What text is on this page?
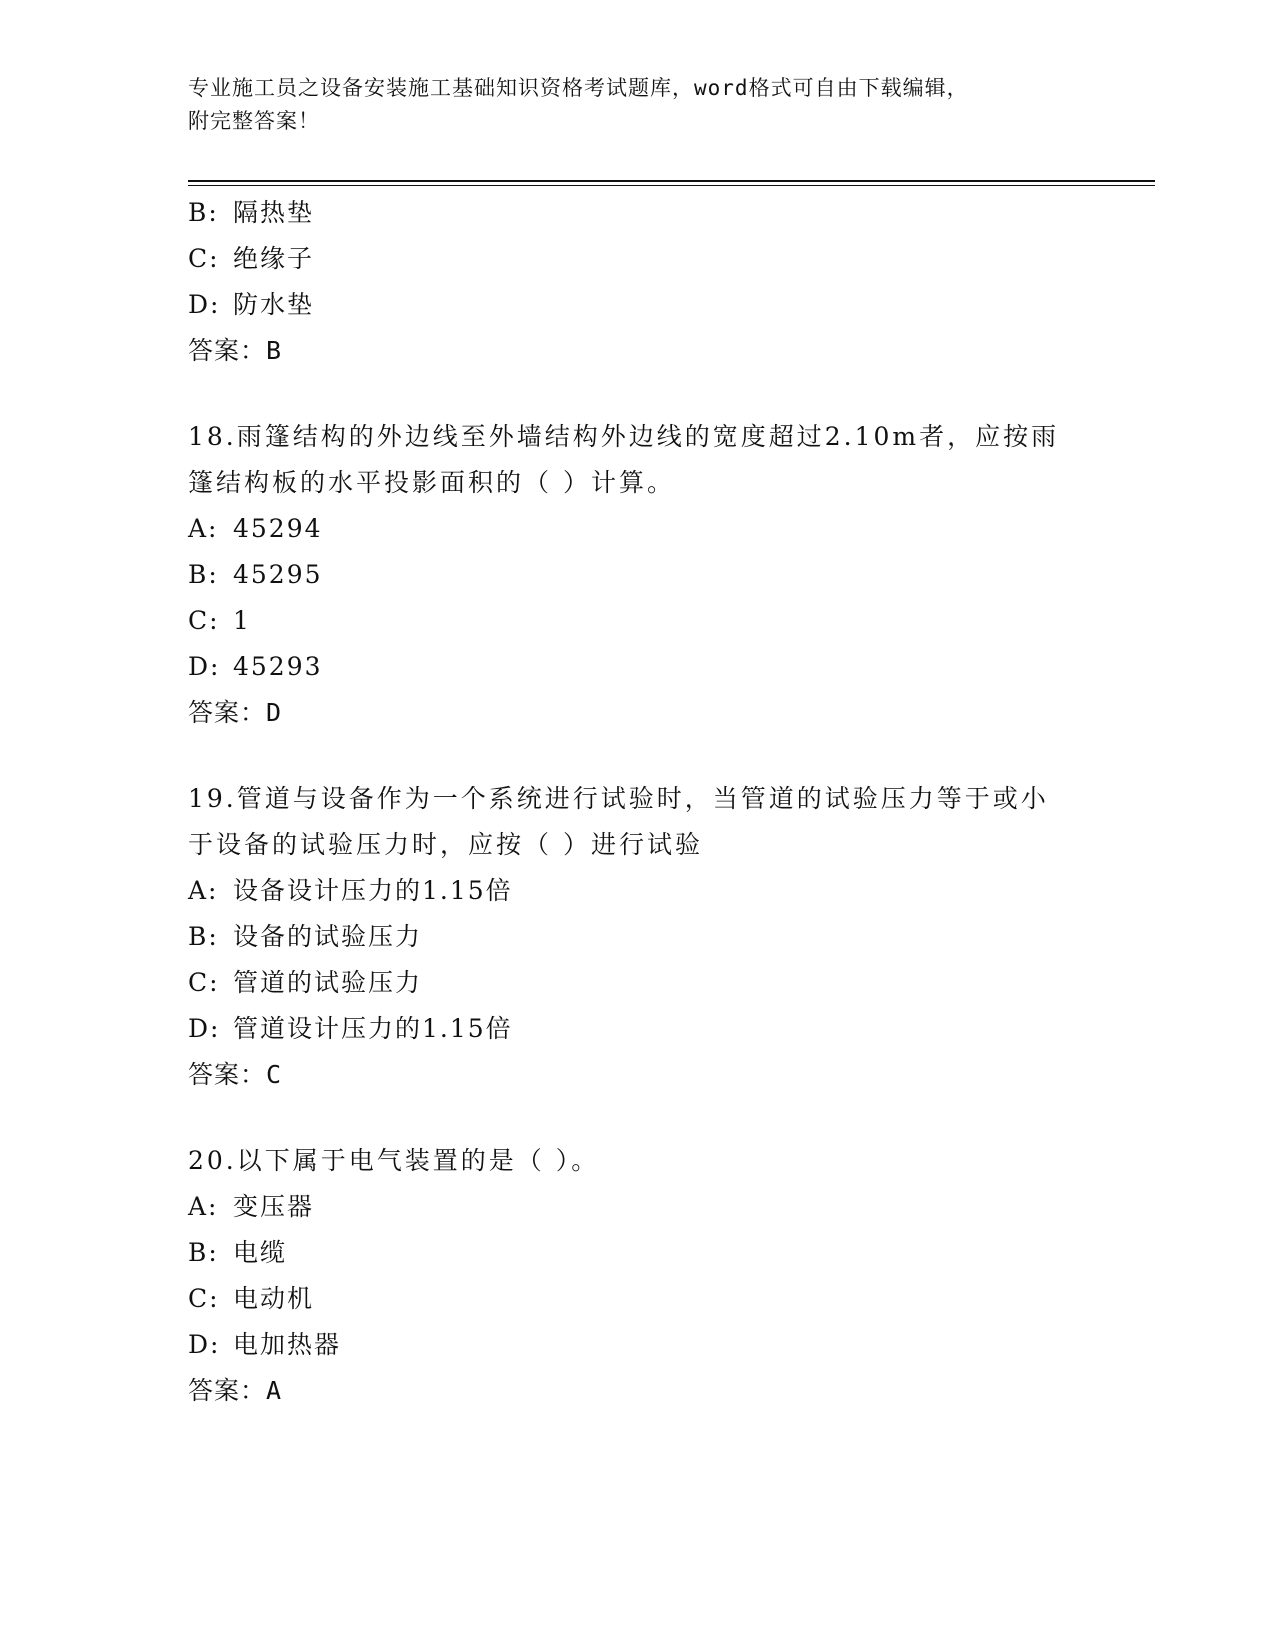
专业施工员之设备安装施工基础知识资格考试题库，word格式可自由下载编辑，
附完整答案！
B: 隔热垫
C: 绝缘子
D: 防水垫
答案：B
18.雨篷结构的外边线至外墙结构外边线的宽度超过2.10m者，应按雨
篷结构板的水平投影面积的（ ）计算。
A: 45294
B: 45295
C: 1
D: 45293
答案：D
19.管道与设备作为一个系统进行试验时，当管道的试验压力等于或小
于设备的试验压力时，应按（ ）进行试验
A: 设备设计压力的1.15倍
B: 设备的试验压力
C: 管道的试验压力
D: 管道设计压力的1.15倍
答案：C
20.以下属于电气装置的是（ ）。
A: 变压器
B: 电缆
C: 电动机
D: 电加热器
答案：A
